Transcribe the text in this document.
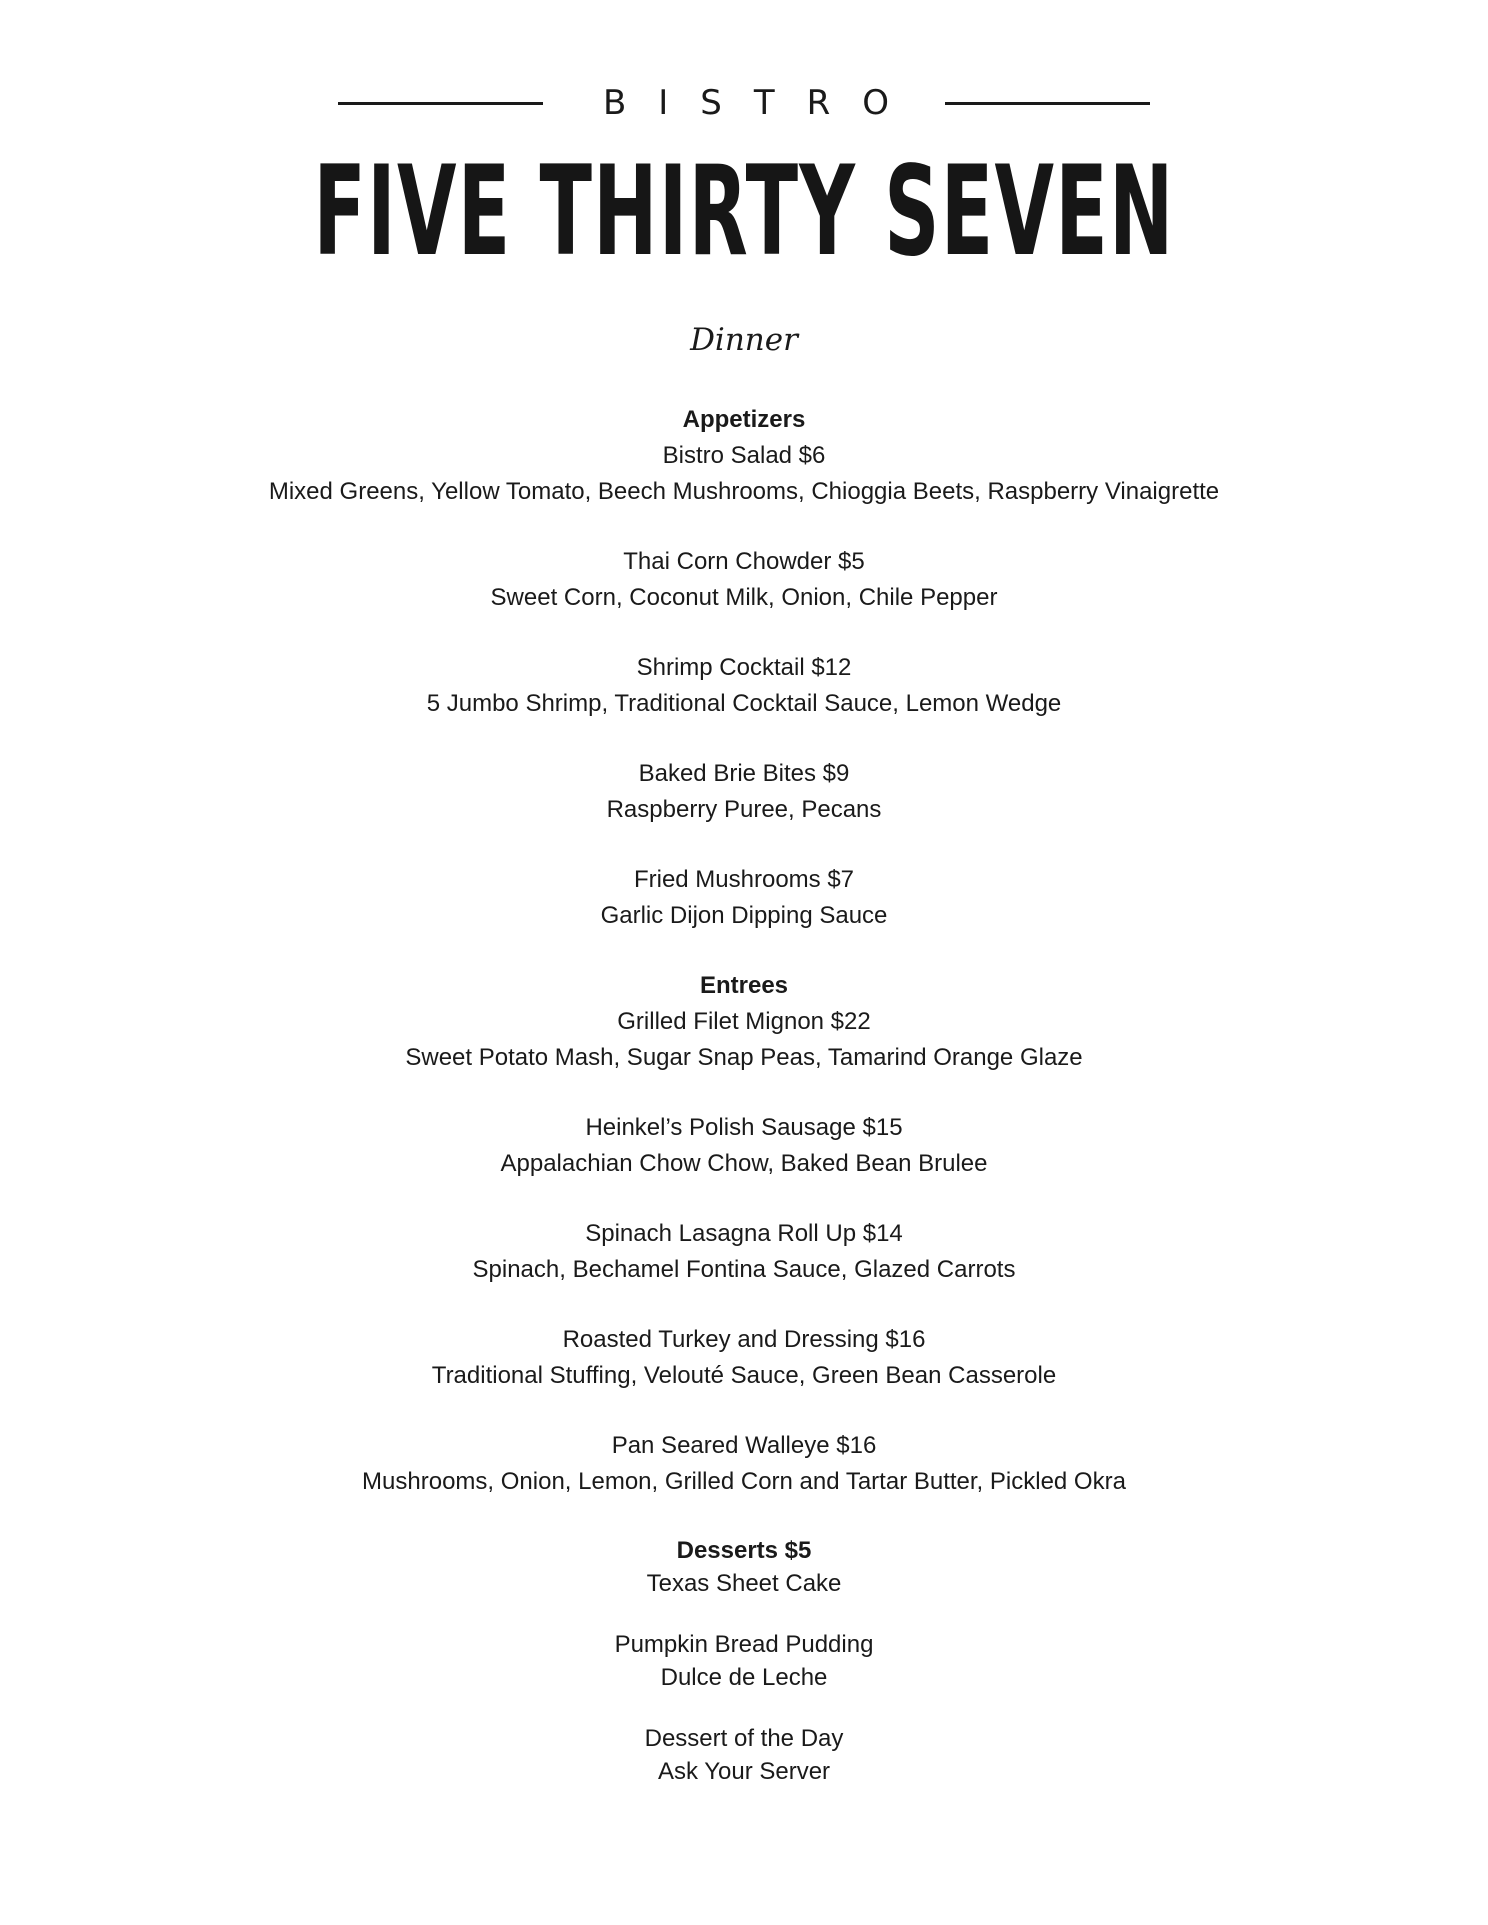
BISTRO
FIVE THIRTY SEVEN
Dinner
Appetizers
Bistro Salad $6
Mixed Greens, Yellow Tomato, Beech Mushrooms, Chioggia Beets, Raspberry Vinaigrette
Thai Corn Chowder $5
Sweet Corn, Coconut Milk, Onion, Chile Pepper
Shrimp Cocktail $12
5 Jumbo Shrimp, Traditional Cocktail Sauce, Lemon Wedge
Baked Brie Bites $9
Raspberry Puree, Pecans
Fried Mushrooms $7
Garlic Dijon Dipping Sauce
Entrees
Grilled Filet Mignon $22
Sweet Potato Mash, Sugar Snap Peas, Tamarind Orange Glaze
Heinkel’s Polish Sausage $15
Appalachian Chow Chow, Baked Bean Brulee
Spinach Lasagna Roll Up $14
Spinach, Bechamel Fontina Sauce, Glazed Carrots
Roasted Turkey and Dressing $16
Traditional Stuffing, Velouté Sauce, Green Bean Casserole
Pan Seared Walleye $16
Mushrooms, Onion, Lemon, Grilled Corn and Tartar Butter, Pickled Okra
Desserts $5
Texas Sheet Cake
Pumpkin Bread Pudding
Dulce de Leche
Dessert of the Day
Ask Your Server
